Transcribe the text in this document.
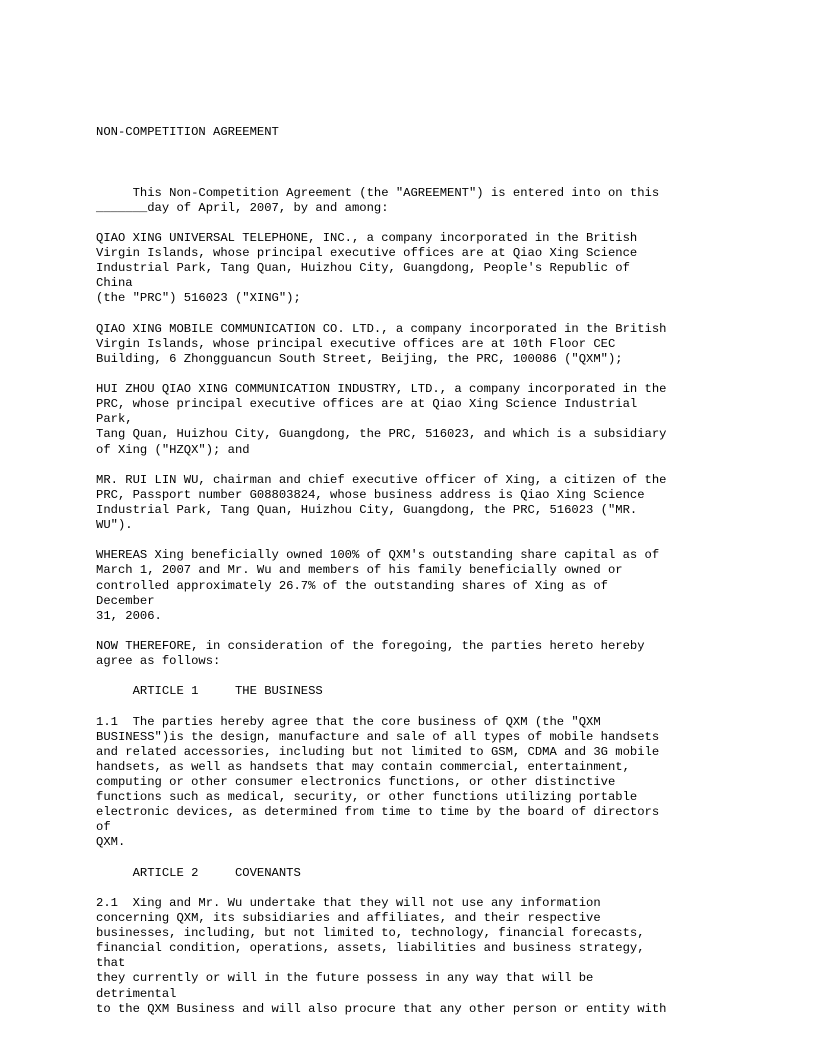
NON-COMPETITION AGREEMENT

This Non-Competition Agreement (the "AGREEMENT") is entered into on this
_______day of April, 2007, by and among:
QIAO XING UNIVERSAL TELEPHONE, INC., a company incorporated in the British
Virgin Islands, whose principal executive offices are at Qiao Xing Science
Industrial Park, Tang Quan, Huizhou City, Guangdong, People's Republic of
China
(the "PRC") 516023 ("XING");
QIAO XING MOBILE COMMUNICATION CO. LTD., a company incorporated in the British
Virgin Islands, whose principal executive offices are at 10th Floor CEC
Building, 6 Zhongguancun South Street, Beijing, the PRC, 100086 ("QXM");
HUI ZHOU QIAO XING COMMUNICATION INDUSTRY, LTD., a company incorporated in the
PRC, whose principal executive offices are at Qiao Xing Science Industrial
Park,
Tang Quan, Huizhou City, Guangdong, the PRC, 516023, and which is a subsidiary
of Xing ("HZQX"); and
MR. RUI LIN WU, chairman and chief executive officer of Xing, a citizen of the
PRC, Passport number G08803824, whose business address is Qiao Xing Science
Industrial Park, Tang Quan, Huizhou City, Guangdong, the PRC, 516023 ("MR.
WU").
WHEREAS Xing beneficially owned 100% of QXM's outstanding share capital as of
March 1, 2007 and Mr. Wu and members of his family beneficially owned or
controlled approximately 26.7% of the outstanding shares of Xing as of
December
31, 2006.
NOW THEREFORE, in consideration of the foregoing, the parties hereto hereby
agree as follows:
ARTICLE 1     THE BUSINESS
1.1  The parties hereby agree that the core business of QXM (the "QXM
BUSINESS")is the design, manufacture and sale of all types of mobile handsets
and related accessories, including but not limited to GSM, CDMA and 3G mobile
handsets, as well as handsets that may contain commercial, entertainment,
computing or other consumer electronics functions, or other distinctive
functions such as medical, security, or other functions utilizing portable
electronic devices, as determined from time to time by the board of directors
of
QXM.
ARTICLE 2     COVENANTS
2.1  Xing and Mr. Wu undertake that they will not use any information
concerning QXM, its subsidiaries and affiliates, and their respective
businesses, including, but not limited to, technology, financial forecasts,
financial condition, operations, assets, liabilities and business strategy,
that
they currently or will in the future possess in any way that will be
detrimental
to the QXM Business and will also procure that any other person or entity with
